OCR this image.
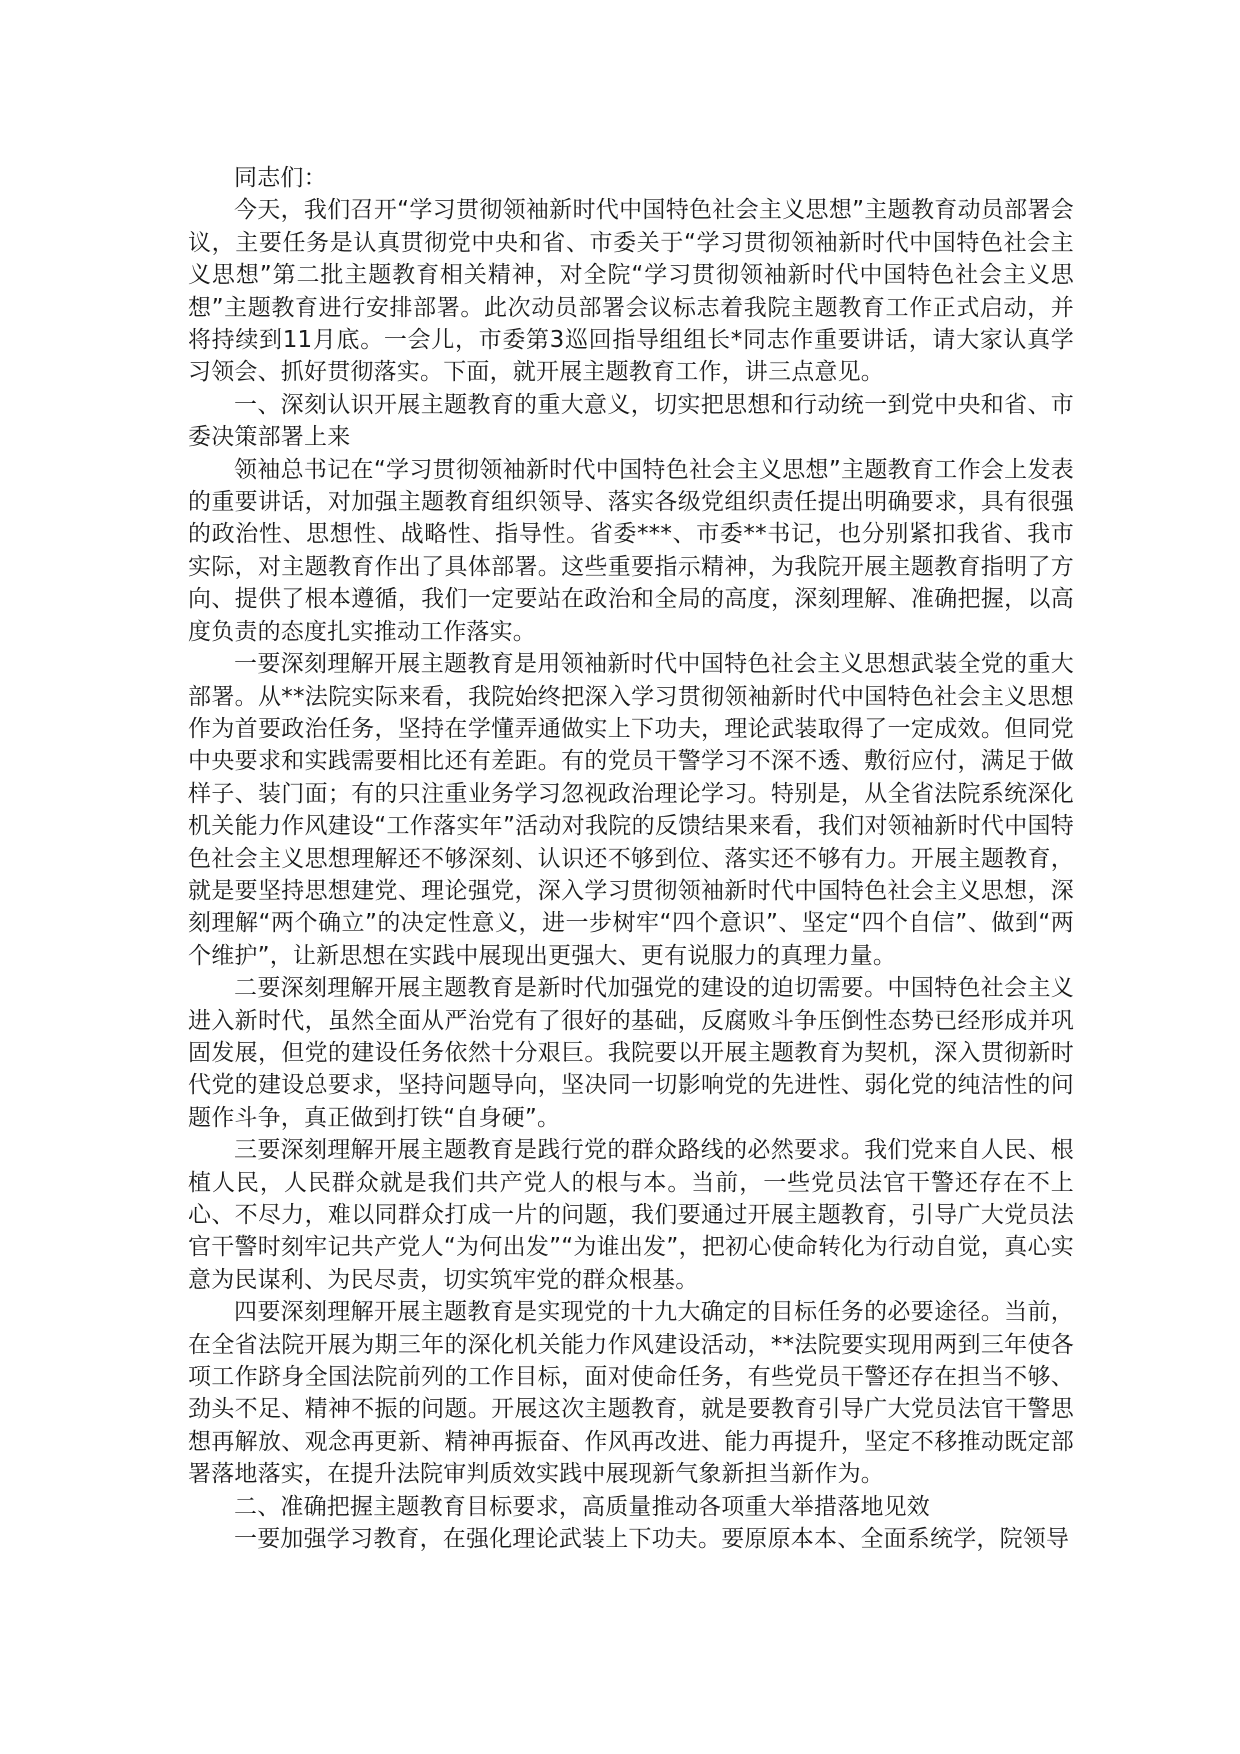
同志们：

今天，我们召开“学习贯彻领袖新时代中国特色社会主义思想”主题教育动员部署会议，主要任务是认真贯彻党中央和省、市委关于“学习贯彻领袖新时代中国特色社会主义思想”第二批主题教育相关精神，对全院“学习贯彻领袖新时代中国特色社会主义思想”主题教育进行安排部署。此次动员部署会议标志着我院主题教育工作正式启动，并将持续到11月底。一会儿，市委第3巡回指导组组长*同志作重要讲话，请大家认真学习领会、抓好贯彻落实。下面，就开展主题教育工作，讲三点意见。

一、深刻认识开展主题教育的重大意义，切实把思想和行动统一到党中央和省、市委决策部署上来

领袖总书记在“学习贯彻领袖新时代中国特色社会主义思想”主题教育工作会上发表的重要讲话，对加强主题教育组织领导、落实各级党组织责任提出明确要求，具有很强的政治性、思想性、战略性、指导性。省委***、市委**书记，也分别紧扣我省、我市实际，对主题教育作出了具体部署。这些重要指示精神，为我院开展主题教育指明了方向、提供了根本遵循，我们一定要站在政治和全局的高度，深刻理解、准确把握，以高度负责的态度扎实推动工作落实。

一要深刻理解开展主题教育是用领袖新时代中国特色社会主义思想武装全党的重大部署。从**法院实际来看，我院始终把深入学习贯彻领袖新时代中国特色社会主义思想作为首要政治任务，坚持在学懂弄通做实上下功夫，理论武装取得了一定成效。但同党中央要求和实践需要相比还有差距。有的党员干警学习不深不透、敷衍应付，满足于做样子、装门面；有的只注重业务学习忽视政治理论学习。特别是，从全省法院系统深化机关能力作风建设“工作落实年”活动对我院的反馈结果来看，我们对领袖新时代中国特色社会主义思想理解还不够深刻、认识还不够到位、落实还不够有力。开展主题教育，就是要坚持思想建党、理论强党，深入学习贯彻领袖新时代中国特色社会主义思想，深刻理解“两个确立”的决定性意义，进一步树牢“四个意识”、坚定“四个自信”、做到“两个维护”，让新思想在实践中展现出更强大、更有说服力的真理力量。

二要深刻理解开展主题教育是新时代加强党的建设的迫切需要。中国特色社会主义进入新时代，虽然全面从严治党有了很好的基础，反腐败斗争压倒性态势已经形成并巩固发展，但党的建设任务依然十分艰巨。我院要以开展主题教育为契机，深入贯彻新时代党的建设总要求，坚持问题导向，坚决同一切影响党的先进性、弱化党的纯洁性的问题作斗争，真正做到打铁“自身硬”。

三要深刻理解开展主题教育是践行党的群众路线的必然要求。我们党来自人民、根植人民，人民群众就是我们共产党人的根与本。当前，一些党员法官干警还存在不上心、不尽力，难以同群众打成一片的问题，我们要通过开展主题教育，引导广大党员法官干警时刻牢记共产党人“为何出发”“为谁出发”，把初心使命转化为行动自觉，真心实意为民谋利、为民尽责，切实筑牢党的群众根基。

四要深刻理解开展主题教育是实现党的十九大确定的目标任务的必要途径。当前，在全省法院开展为期三年的深化机关能力作风建设活动，**法院要实现用两到三年使各项工作跻身全国法院前列的工作目标，面对使命任务，有些党员干警还存在担当不够、劲头不足、精神不振的问题。开展这次主题教育，就是要教育引导广大党员法官干警思想再解放、观念再更新、精神再振奋、作风再改进、能力再提升，坚定不移推动既定部署落地落实，在提升法院审判质效实践中展现新气象新担当新作为。

二、准确把握主题教育目标要求，高质量推动各项重大举措落地见效

一要加强学习教育，在强化理论武装上下功夫。要原原本本、全面系统学，院领导
